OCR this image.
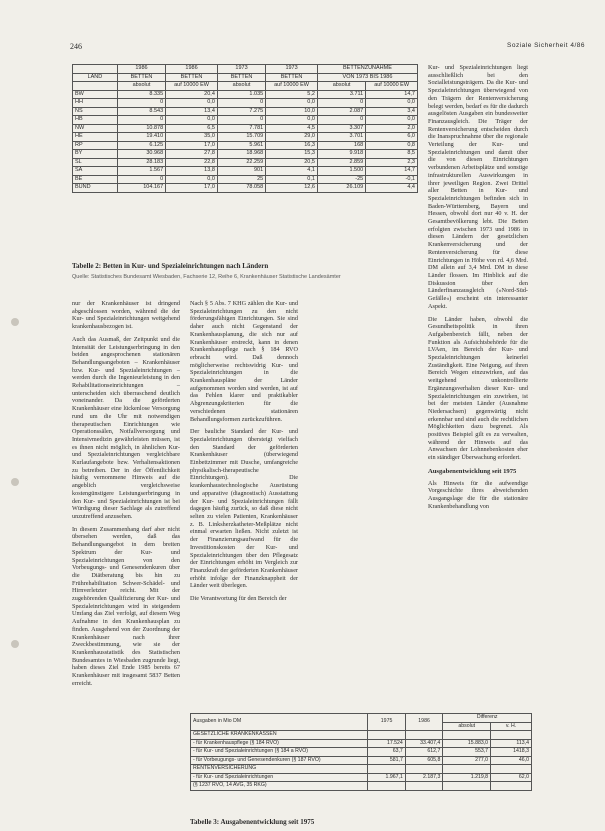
246	Soziale Sicherheit 4/86
	1986	1986	1973	1973	BETTENZUNAHME	
LAND	BETTEN	BETTEN	BETTEN	BETTEN	VON 1973 BIS 1986	
	absolut	auf 10000 EW	absolut	auf 10000 EW	absolut	auf 10000 EW
BW	8.335	20,4	1.035	5,2	3.711	14,7
HH	0	0,0	0	0,0	0	0,0
NS	8.543	13,4	7.275	10,0	2.087	3,4
HB	0	0,0	0	0,0	0	0,0
NW	10.878	6,5	7.781	4,5	3.307	2,0
HE	19.410	35,0	15.709	29,0	3.701	6,0
RP	6.125	17,0	5.961	16,3	168	0,8
BY	30.968	27,8	18.968	15,3	9.918	8,5
SL	28.183	22,8	22.259	20,5	2.859	2,3
SA	1.567	13,8	901	4,1	1.500	14,7
BE	0	0,0	25	0,1	-25	-0,1
BUND	104.167	17,0	78.058	12,6	26.109	4,4
Tabelle 2: Betten in Kur- und Spezialeinrichtungen nach Ländern
Quelle: Statistisches Bundesamt Wiesbaden, Fachserie 12, Reihe 6, Krankenhäuser Statistische Landesämter

nur der Krankenhäuser ist dringend abgeschlossen worden, während die der Kur- und Spezialeinrichtungen weitgehend krankenhausbezogen ist.

Auch das Ausmaß, der Zeitpunkt und die Intensität der Leistungserbringung in den beiden angesprochenen stationären Behandlungsangeboten – Krankenhäuser bzw. Kur- und Spezialeinrichtungen – werden durch die Ingenieurleistung in den Rehabilitationseinrichtungen – unterscheiden sich überraschend deutlich voneinander. Da die geförderten Krankenhäuser eine lückenlose Versorgung rund um die Uhr mit notwendigen therapeutischen Einrichtungen wie Operationssälen, Notfallversorgung und Intensivmedizin gewährleisten müssen, ist es ihnen nicht möglich, in ähnlichen Kur- und Spezialeinrichtungen vergleichbare Kurlaufangebote bzw. Verhaltensaktionen zu betreiben. Der in der Öffentlichkeit häufig vernommene Hinweis auf die angeblich vergleichsweise kostengünstigere Leistungserbringung in den Kur- und Spezialeinrichtungen ist bei Würdigung dieser Sachlage als zutreffend unzutreffend anzusehen.

In diesem Zusammenhang darf aber nicht übersehen werden, daß das Behandlungsangebot in dem breiten Spektrum der Kur- und Spezialeinrichtungen von den Vorbeugungs- und Genesendenkuren über die Diätberatung bis hin zu Frührehabilitation Schwer-Schädel- und Hirnverletzter reicht. Mit der zugehörenden Qualifizierung der Kur- und Spezialeinrichtungen wird in steigendem Umfang das Ziel verfolgt, auf diesem Weg Aufnahme in den Krankenhausplan zu finden. Ausgehend von der Zuordnung der Krankenhäuser nach ihrer Zweckbestimmung, wie sie der Krankenhausstatistik des Statistischen Bundesamtes in Wiesbaden zugrunde liegt, haben dieses Ziel Ende 1985 bereits 67 Krankenhäuser mit insgesamt 5837 Betten erreicht.

Nach § 5 Abs. 7 KHG zählen die Kur- und Spezialeinrichtungen zu den nicht förderungsfähigen Einrichtungen. Sie sind daher auch nicht Gegenstand der Krankenhausplanung, die sich nur auf Krankenhäuser erstreckt, kann in denen Krankenhauspflege nach § 184 RVO erbracht wird. Daß dennoch möglicherweise rechtswidrig Kur- und Spezialeinrichtungen in die Krankenhauspläne der Länder aufgenommen worden sind werden, ist auf das Fehlen klarer und praktikabler Abgrenzungskriterien für die verschiedenen stationären Behandlungsformen zurückzuführen.

Der bauliche Standard der Kur- und Spezialeinrichtungen übersteigt vielfach den Standard der geförderten Krankenhäuser (überwiegend Einbettzimmer mit Dusche, umfangreiche physikalisch-therapeutische Einrichtungen). Die krankenhaustechnologische Ausrüstung und apparative (diagnostisch) Ausstattung der Kur- und Spezialeinrichtungen fällt dagegen häufig zurück, so daß diese nicht selten zu vielen Patienten, Krankenhäuser z. B. Linksherzkatheter-Meßplätze nicht einmal erwarten ließen. Nicht zuletzt ist der Finanzierungsaufwand für die Investitionskosten der Kur- und Spezialeinrichtungen über den Pflegesatz der Einrichtungen erhöht im Vergleich zur Finanzkraft der geförderten Krankenhäuser erhöht infolge der Finanzknappheit der Länder weit überlegen.

Die Verantwortung für den Bereich der

Kur- und Spezialeinrichtungen liegt ausschließlich bei den Sozialleistungsträgern. Da die Kur- und Spezialeinrichtungen überwiegend von den Trägern der Rentenversicherung belegt werden, bedarf es für die dadurch ausgelösten Ausgaben ein bundesweiter Finanzausgleich. Die Träger der Rentenversicherung entscheiden durch die Inanspruchnahme über die regionale Verteilung der Kur- und Spezialeinrichtungen und damit über die von diesen Einrichtungen verbundenen Arbeitsplätze und sonstige infrastrukturellen Auswirkungen in ihrer jeweiligen Region. Zwei Drittel aller Betten in Kur- und Spezialeinrichtungen befinden sich in Baden-Württemberg, Bayern und Hessen, obwohl dort nur 40 v. H. der Gesamtbevölkerung lebt. Die Betten erfolgten zwischen 1973 und 1986 in diesen Ländern der gesetzlichen Krankenversicherung und der Rentenversicherung für diese Einrichtungen in Höhe von rd. 4,6 Mrd. DM allein auf 3,4 Mrd. DM in diese Länder flossen. Im Hinblick auf die Diskussion über den Länderfinanzausgleich (»Nord-Süd-Gefälle«) erscheint ein interessanter Aspekt.

Die Länder haben, obwohl die Gesundheitspolitik in ihren Aufgabenbereich fällt, neben der Funktion als Aufsichtsbehörde für die LVAen, im Bereich der Kur- und Spezialeinrichtungen keinerlei Zuständigkeit. Eine Neigung, auf ihren Bereich Wegen einzuwirken, auf das weitgehend unkontrollierte Ergänzungsverhalten dieser Kur- und Spezialeinrichtungen ein zuwirken, ist bei der meisten Länder (Ausnahme Niedersachsen) gegenwärtig nicht erkennbar und sind auch die rechtlichen Möglichkeiten dazu begrenzt. Als positives Beispiel gilt es zu verwalten, während der Hinweis auf das Anwachsen der Lohnnebenkosten eher ein ständiger Überwachung erfordert.

Ausgabenentwicklung seit 1975

Als Hinweis für die aufwendige Vorgeschichte ihres abweichenden Ausgangslage die für die stationäre Krankenbehandlung von

Ausgaben in Mio DM	1975	1986	Differenz	
			absolut	v. H.
GESETZLICHE KRANKENKASSEN				
- für Krankenhauspflege (§ 184 RVO)	17.524	33.407,4	15.883,0	113,4
- für Kur- und Spezialeinrichtungen (§ 184 a RVO)	63,7	612,7	553,7	1418,3
- für Vorbeugungs- und Genesendenkuren (§ 187 RVO)	581,7	605,8	277,0	46,0
RENTENVERSICHERUNG				
- für Kur- und Spezialeinrichtungen	1.967,1	2.187,3	1.219,8	62,0
(§ 1237 RVO, 14 AVG, 35 RKG)				
Tabelle 3: Ausgabenentwicklung seit 1975
